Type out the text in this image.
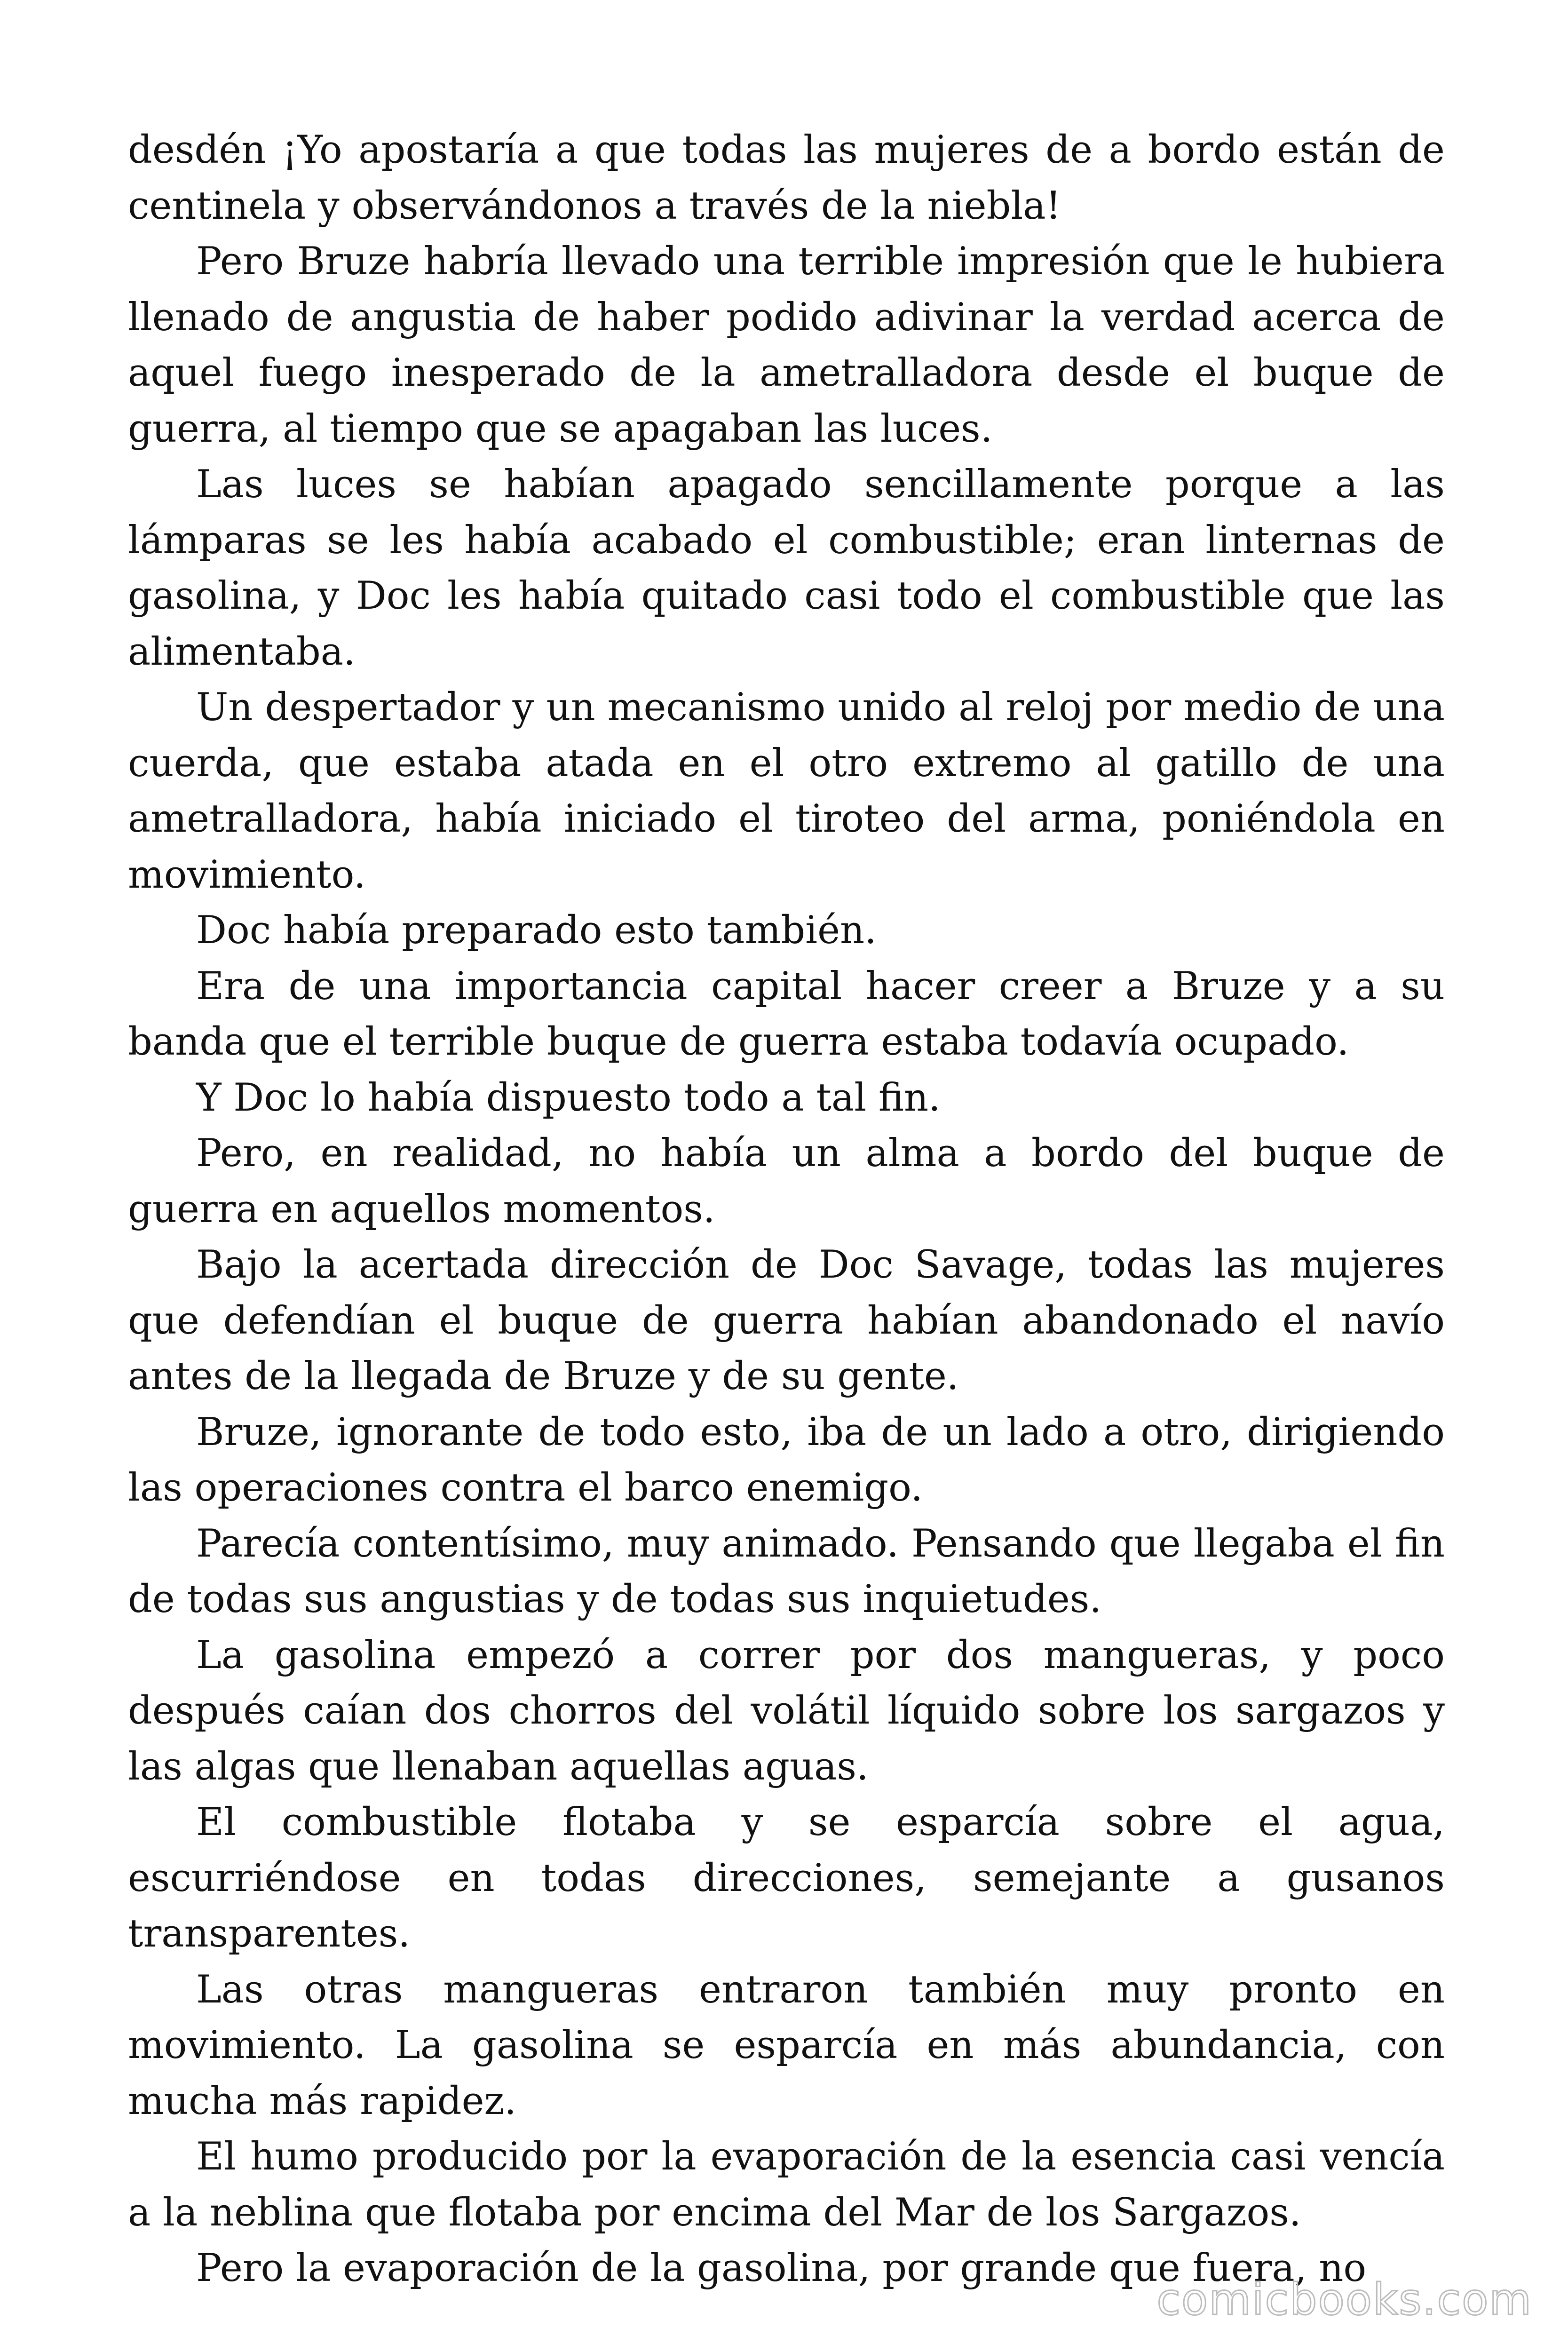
desdén ¡Yo apostaría a que todas las mujeres de a bordo están de centinela y observándonos a través de la niebla!

Pero Bruze habría llevado una terrible impresión que le hubiera llenado de angustia de haber podido adivinar la verdad acerca de aquel fuego inesperado de la ametralladora desde el buque de guerra, al tiempo que se apagaban las luces.

Las luces se habían apagado sencillamente porque a las lámparas se les había acabado el combustible; eran linternas de gasolina, y Doc les había quitado casi todo el combustible que las alimentaba.

Un despertador y un mecanismo unido al reloj por medio de una cuerda, que estaba atada en el otro extremo al gatillo de una ametralladora, había iniciado el tiroteo del arma, poniéndola en movimiento.

Doc había preparado esto también.

Era de una importancia capital hacer creer a Bruze y a su banda que el terrible buque de guerra estaba todavía ocupado.

Y Doc lo había dispuesto todo a tal fin.

Pero, en realidad, no había un alma a bordo del buque de guerra en aquellos momentos.

Bajo la acertada dirección de Doc Savage, todas las mujeres que defendían el buque de guerra habían abandonado el navío antes de la llegada de Bruze y de su gente.

Bruze, ignorante de todo esto, iba de un lado a otro, dirigiendo las operaciones contra el barco enemigo.

Parecía contentísimo, muy animado. Pensando que llegaba el fin de todas sus angustias y de todas sus inquietudes.

La gasolina empezó a correr por dos mangueras, y poco después caían dos chorros del volátil líquido sobre los sargazos y las algas que llenaban aquellas aguas.

El combustible flotaba y se esparcía sobre el agua, escurriéndose en todas direcciones, semejante a gusanos transparentes.

Las otras mangueras entraron también muy pronto en movimiento. La gasolina se esparcía en más abundancia, con mucha más rapidez.

El humo producido por la evaporación de la esencia casi vencía a la neblina que flotaba por encima del Mar de los Sargazos.

Pero la evaporación de la gasolina, por grande que fuera, no

comicbooks.com
